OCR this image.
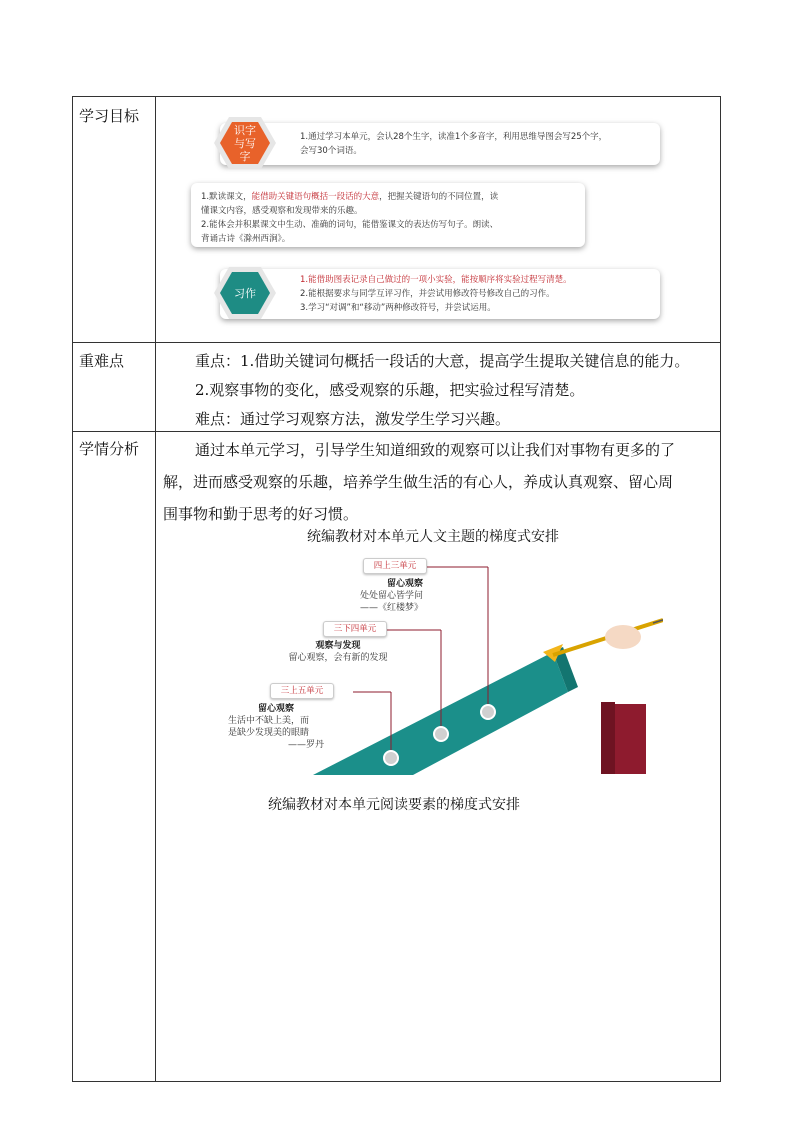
学习目标
重难点
学情分析
1.通过学习本单元，会认28个生字，读准1个多音字，利用思维导图会写25个字，
会写30个词语。
识字与写字
1.默读课文，能借助关键语句概括一段话的大意，把握关键语句的不同位置，读
懂课文内容，感受观察和发现带来的乐趣。
2.能体会并积累课文中生动、准确的词句，能借鉴课文的表达仿写句子。朗读、
背诵古诗《滁州西涧》。
1.能借助图表记录自己做过的一项小实验，能按顺序将实验过程写清楚。
2.能根据要求与同学互评习作，并尝试用修改符号修改自己的习作。
3.学习“对调”和“移动”两种修改符号，并尝试运用。
习作
重点：1.借助关键词句概括一段话的大意，提高学生提取关键信息的能力。
2.观察事物的变化，感受观察的乐趣，把实验过程写清楚。
难点：通过学习观察方法，激发学生学习兴趣。
通过本单元学习，引导学生知道细致的观察可以让我们对事物有更多的了
解，进而感受观察的乐趣，培养学生做生活的有心人，养成认真观察、留心周
围事物和勤于思考的好习惯。
统编教材对本单元人文主题的梯度式安排
四上三单元
留心观察
处处留心皆学问
——《红楼梦》
三下四单元
观察与发现
留心观察，会有新的发现
三上五单元
留心观察
生活中不缺上美，而
是缺少发现美的眼睛
——罗丹
统编教材对本单元阅读要素的梯度式安排
